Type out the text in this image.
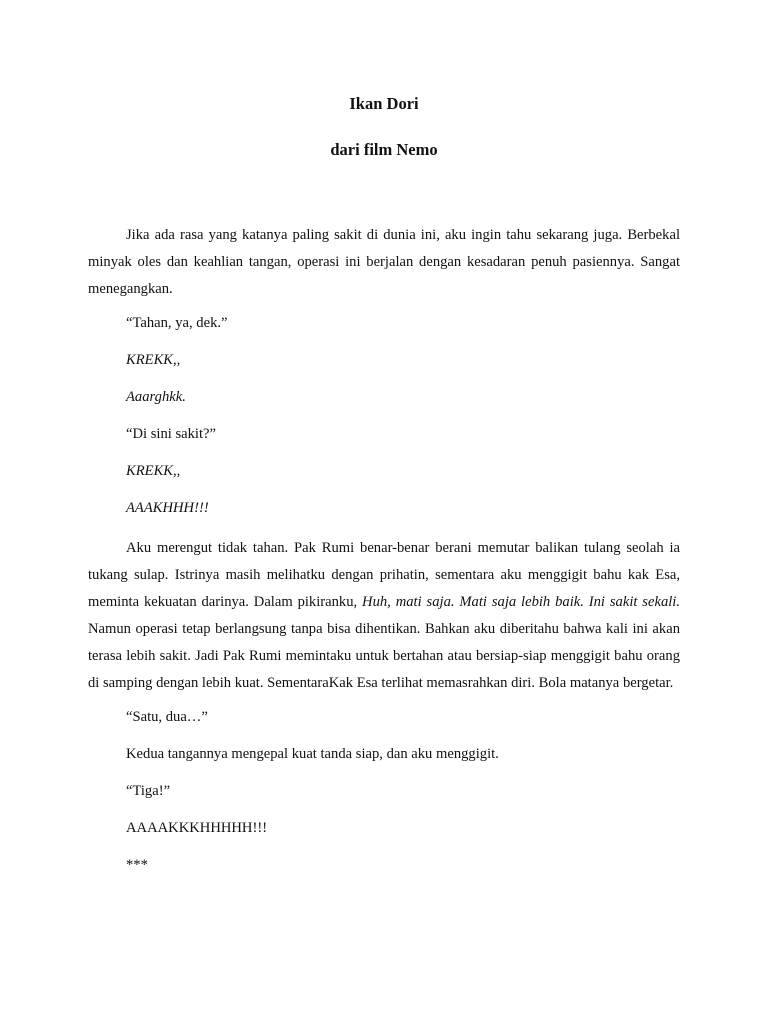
Ikan Dori
dari film Nemo

Jika ada rasa yang katanya paling sakit di dunia ini, aku ingin tahu sekarang juga. Berbekal minyak oles dan keahlian tangan, operasi ini berjalan dengan kesadaran penuh pasiennya. Sangat menegangkan.

“Tahan, ya, dek.”
KREKK,,
Aaarghkk.
“Di sini sakit?”
KREKK,,
AAAKHHH!!!

Aku merengut tidak tahan. Pak Rumi benar-benar berani memutar balikan tulang seolah ia tukang sulap. Istrinya masih melihatku dengan prihatin, sementara aku menggigit bahu kak Esa, meminta kekuatan darinya. Dalam pikiranku, Huh, mati saja. Mati saja lebih baik. Ini sakit sekali. Namun operasi tetap berlangsung tanpa bisa dihentikan. Bahkan aku diberitahu bahwa kali ini akan terasa lebih sakit. Jadi Pak Rumi memintaku untuk bertahan atau bersiap-siap menggigit bahu orang di samping dengan lebih kuat. SementaraKak Esa terlihat memasrahkan diri. Bola matanya bergetar.

“Satu, dua…”
Kedua tangannya mengepal kuat tanda siap, dan aku menggigit.
“Tiga!”
AAAAKKKHHHHH!!!
***
